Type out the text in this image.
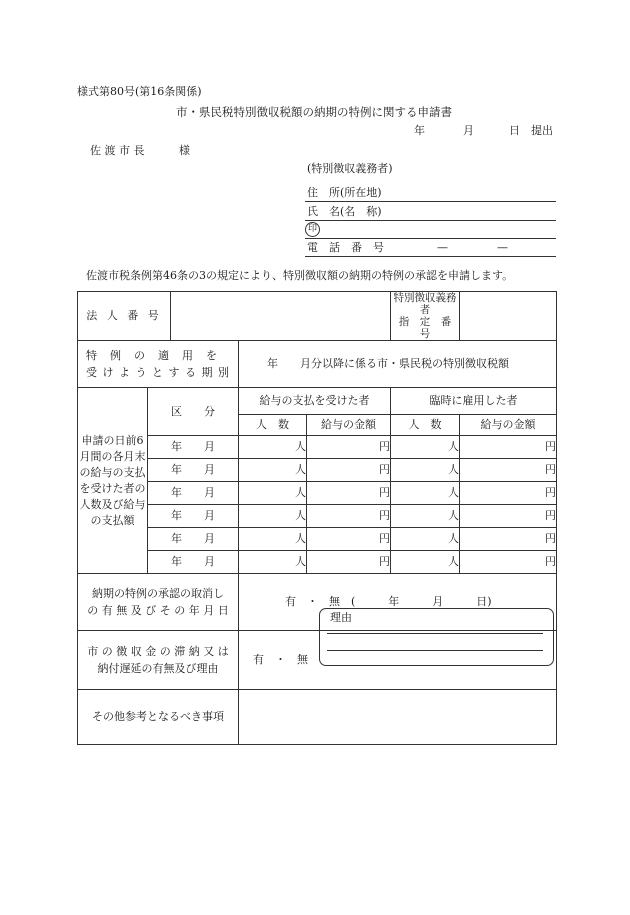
様式第80号(第16条関係)
市・県民税特別徴収税額の納期の特例に関する申請書
年	月	日 提出
佐 渡 市 長	様
(特別徴収義務者)
住　所(所在地)
氏　名(名　称)
印
電　話　番　号	—	—
佐渡市税条例第46条の3の規定により、特別徴収額の納期の特例の承認を申請します。
法 人 番 号					特別徴収義務者
指　定　番　号	

特　例　の　適　用　を
受 け よ う と す る 期 別			年　　月分以降に係る市・県民税の特別徴収税額			
申請の日前6月間の各月末の給与の支払を受けた者の人数及び給与の支払額	区　　分		給与の支払を受けた者		臨時に雇用した者	
			人　数	給与の金額	人　数	給与の金額
	年　　月		人	円	人	円
	年　　月		人	円	人	円
	年　　月		人	円	人	円
	年　　月		人	円	人	円
	年　　月		人	円	人	円
	年　　月		人	円	人	円

納期の特例の承認の取消し
の 有 無 及 び そ の 年 月 日			有　・　無　(　　　年　　　月　　　日)			

市 の 徴 収 金 の 滞 納 又 は
納付遅延の有無及び理由			有　・　無			
その他参考となるべき事項						
理由
